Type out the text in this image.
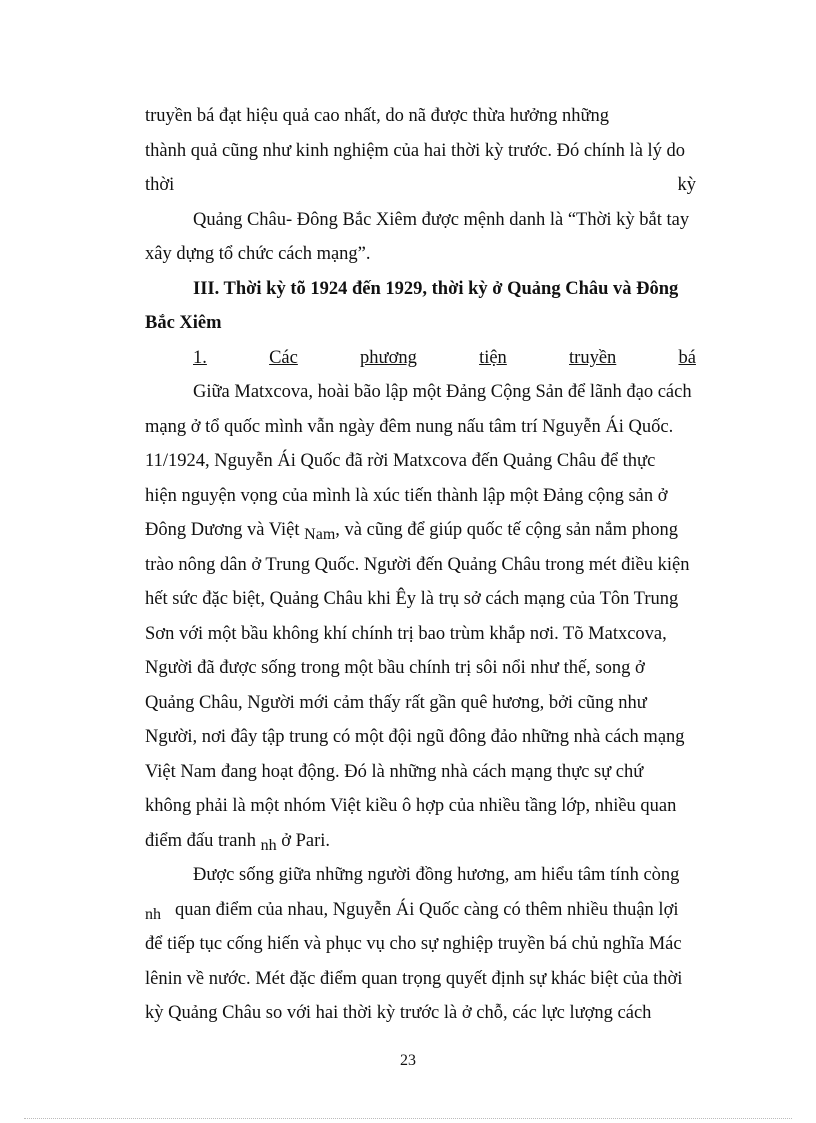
truyền bá đạt hiệu quả cao nhất, do nã được thừa hưởng những
thành quả cũng như kinh nghiệm của hai thời kỳ trước. Đó chính là lý do
thời	kỳ
Quảng Châu- Đông Bắc Xiêm được mệnh danh là “Thời kỳ bắt tay
xây dựng tổ chức cách mạng”.
III. Thời kỳ tõ 1924 đến 1929, thời kỳ ở Quảng Châu và Đông
Bắc Xiêm
1.	Các	phương	tiện	truyền	bá
Giữa Matxcova, hoài bão lập một Đảng Cộng Sản để lãnh đạo cách
mạng ở tổ quốc mình vẫn ngày đêm nung nấu tâm trí Nguyễn Ái Quốc.
11/1924, Nguyễn Ái Quốc đã rời Matxcova đến Quảng Châu để thực
hiện nguyện vọng của mình là xúc tiến thành lập một Đảng cộng sản ở
Đông Dương và Việt Nam, và cũng để giúp quốc tế cộng sản nắm phong
trào nông dân ở Trung Quốc. Người đến Quảng Châu trong mét điều kiện
hết sức đặc biệt, Quảng Châu khi Êy là trụ sở cách mạng của Tôn Trung
Sơn với một bầu không khí chính trị bao trùm khắp nơi. Tõ Matxcova,
Người đã được sống trong một bầu chính trị sôi nổi như thế, song ở
Quảng Châu, Người mới cảm thấy rất gần quê hương, bởi cũng như
Người, nơi đây tập trung có một đội ngũ đông đảo những nhà cách mạng
Việt Nam đang hoạt động. Đó là những nhà cách mạng thực sự chứ
không phải là một nhóm Việt kiều ô hợp của nhiều tầng lớp, nhiều quan
điểm đấu tranh nh ở Pari.
Được sống giữa những người đồng hương, am hiểu tâm tính còng
nh quan điểm của nhau, Nguyễn Ái Quốc càng có thêm nhiều thuận lợi
để tiếp tục cống hiến và phục vụ cho sự nghiệp truyền bá chủ nghĩa Mác
lênin về nước. Mét đặc điểm quan trọng quyết định sự khác biệt của thời
kỳ Quảng Châu so với hai thời kỳ trước là ở chỗ, các lực lượng cách
23
